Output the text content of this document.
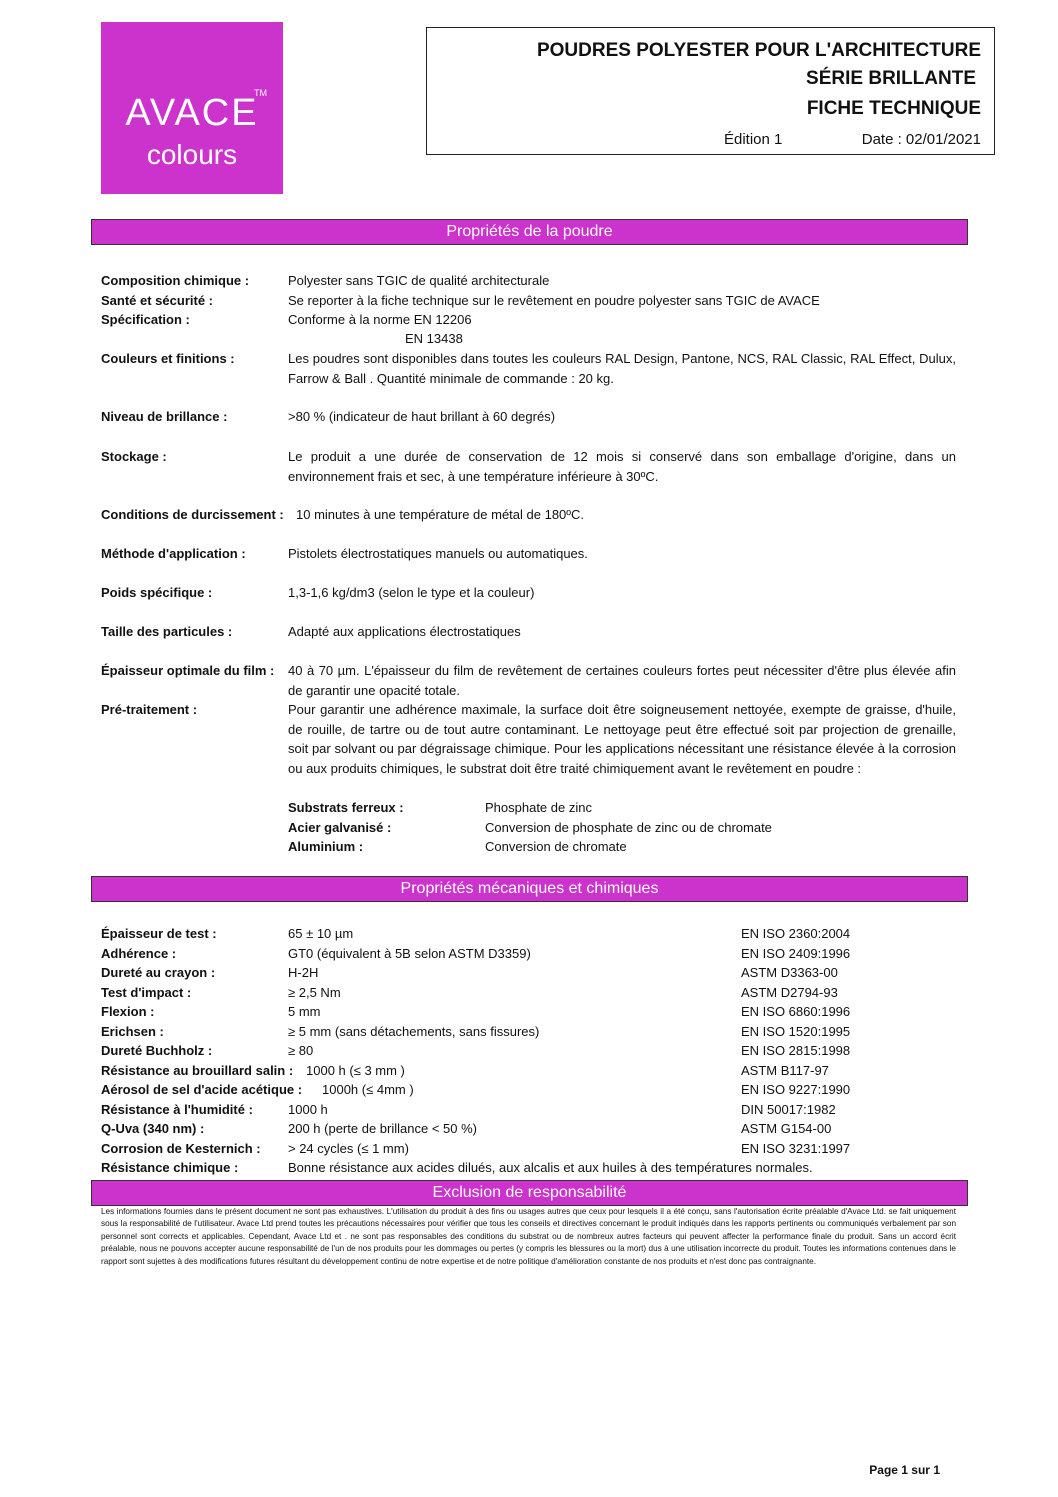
AVACE
TM
colours
POUDRES POLYESTER POUR L'ARCHITECTURE
SÉRIE BRILLANTE
FICHE TECHNIQUE
Édition 1	Date : 02/01/2021
Propriétés de la poudre
Composition chimique :	Polyester sans TGIC de qualité architecturale
Santé et sécurité :	Se reporter à la fiche technique sur le revêtement en poudre polyester sans TGIC de AVACE
Spécification :	Conforme à la norme EN 12206
EN 13438
Couleurs et finitions :	Les poudres sont disponibles dans toutes les couleurs RAL Design, Pantone, NCS, RAL Classic, RAL Effect, Dulux, Farrow & Ball . Quantité minimale de commande : 20 kg.
Niveau de brillance :	>80 % (indicateur de haut brillant à 60 degrés)
Stockage :	Le produit a une durée de conservation de 12 mois si conservé dans son emballage d'origine, dans un environnement frais et sec, à une température inférieure à 30ºC.
Conditions de durcissement : 10 minutes à une température de métal de 180ºC.
Méthode d'application :	Pistolets électrostatiques manuels ou automatiques.
Poids spécifique :	1,3-1,6 kg/dm3 (selon le type et la couleur)
Taille des particules :	Adapté aux applications électrostatiques
Épaisseur optimale du film : 40 à 70 µm. L'épaisseur du film de revêtement de certaines couleurs fortes peut nécessiter d'être plus élevée afin de garantir une opacité totale.
Pré-traitement :	Pour garantir une adhérence maximale, la surface doit être soigneusement nettoyée, exempte de graisse, d'huile, de rouille, de tartre ou de tout autre contaminant. Le nettoyage peut être effectué soit par projection de grenaille, soit par solvant ou par dégraissage chimique. Pour les applications nécessitant une résistance élevée à la corrosion ou aux produits chimiques, le substrat doit être traité chimiquement avant le revêtement en poudre :
Substrats ferreux :	Phosphate de zinc
Acier galvanisé :	Conversion de phosphate de zinc ou de chromate
Aluminium :	Conversion de chromate
Propriétés mécaniques et chimiques
Épaisseur de test :	65 ± 10 µm	EN ISO 2360:2004
Adhérence :	GT0 (équivalent à 5B selon ASTM D3359)	EN ISO 2409:1996
Dureté au crayon :	H-2H	ASTM D3363-00
Test d'impact :	≥ 2,5 Nm	ASTM D2794-93
Flexion :	5 mm	EN ISO 6860:1996
Erichsen :	≥ 5 mm (sans détachements, sans fissures)	EN ISO 1520:1995
Dureté Buchholz :	≥ 80	EN ISO 2815:1998
Résistance au brouillard salin : 1000 h (≤ 3 mm )	ASTM B117-97
Aérosol de sel d'acide acétique : 1000h (≤ 4mm )	EN ISO 9227:1990
Résistance à l'humidité :	1000 h	DIN 50017:1982
Q-Uva (340 nm) :	200 h (perte de brillance < 50 %)	ASTM G154-00
Corrosion de Kesternich : > 24 cycles (≤ 1 mm)	EN ISO 3231:1997
Résistance chimique :	Bonne résistance aux acides dilués, aux alcalis et aux huiles à des températures normales.
Exclusion de responsabilité
Les informations fournies dans le présent document ne sont pas exhaustives. L'utilisation du produit à des fins ou usages autres que ceux pour lesquels il a été conçu, sans l'autorisation écrite préalable d'Avace Ltd. se fait uniquement sous la responsabilité de l'utilisateur. Avace Ltd prend toutes les précautions nécessaires pour vérifier que tous les conseils et directives concernant le produit indiqués dans les rapports pertinents ou communiqués verbalement par son personnel sont corrects et applicables. Cependant, Avace Ltd et . ne sont pas responsables des conditions du substrat ou de nombreux autres facteurs qui peuvent affecter la performance finale du produit. Sans un accord écrit préalable, nous ne pouvons accepter aucune responsabilité de l'un de nos produits pour les dommages ou pertes (y compris les blessures ou la mort) dus à une utilisation incorrecte du produit. Toutes les informations contenues dans le rapport sont sujettes à des modifications futures résultant du développement continu de notre expertise et de notre politique d'amélioration constante de nos produits et n'est donc pas contraignante.
Page 1 sur 1
